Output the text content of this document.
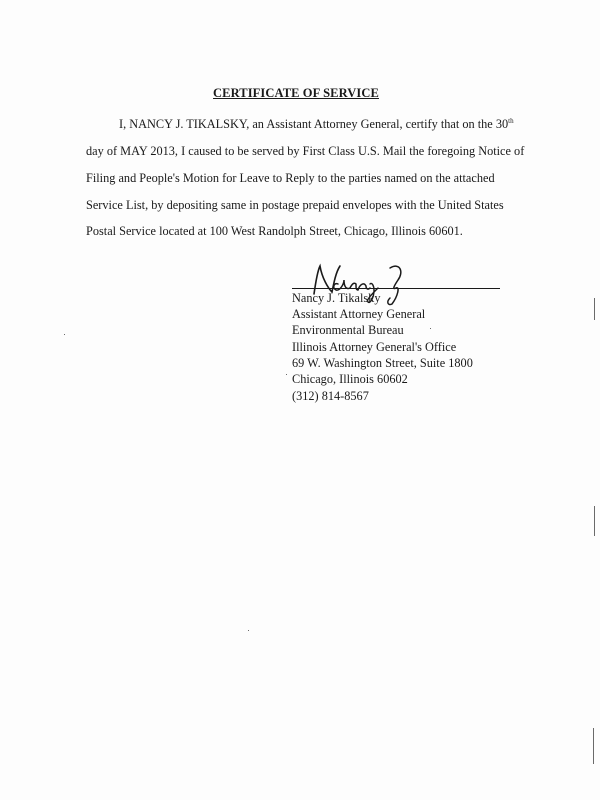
CERTIFICATE OF SERVICE
I, NANCY J. TIKALSKY, an Assistant Attorney General, certify that on the 30th
day of MAY 2013, I caused to be served by First Class U.S. Mail the foregoing Notice of
Filing and People's Motion for Leave to Reply to the parties named on the attached
Service List, by depositing same in postage prepaid envelopes with the United States
Postal Service located at 100 West Randolph Street, Chicago, Illinois 60601.
Nancy J. Tikalsky
Assistant Attorney General
Environmental Bureau
Illinois Attorney General's Office
69 W. Washington Street, Suite 1800
Chicago, Illinois 60602
(312) 814-8567
